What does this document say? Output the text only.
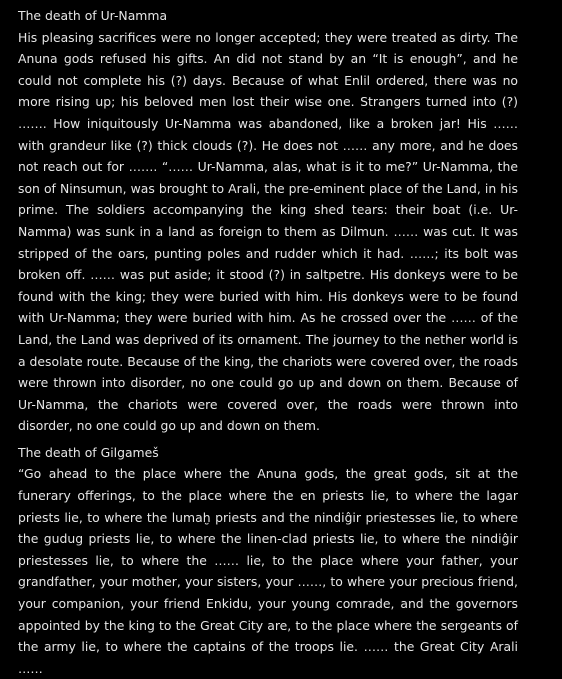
The death of Ur-Namma

His pleasing sacrifices were no longer accepted; they were treated as dirty. The Anuna gods refused his gifts. An did not stand by an “It is enough”, and he could not complete his (?) days. Because of what Enlil ordered, there was no more rising up; his beloved men lost their wise one. Strangers turned into (?) ……. How iniquitously Ur-Namma was abandoned, like a broken jar! His …… with grandeur like (?) thick clouds (?). He does not …… any more, and he does not reach out for ……. “…… Ur-Namma, alas, what is it to me?” Ur-Namma, the son of Ninsumun, was brought to Arali, the pre-eminent place of the Land, in his prime. The soldiers accompanying the king shed tears: their boat (i.e. Ur-Namma) was sunk in a land as foreign to them as Dilmun. …… was cut. It was stripped of the oars, punting poles and rudder which it had. ……; its bolt was broken off. …… was put aside; it stood (?) in saltpetre. His donkeys were to be found with the king; they were buried with him. His donkeys were to be found with Ur-Namma; they were buried with him. As he crossed over the …… of the Land, the Land was deprived of its ornament. The journey to the nether world is a desolate route. Because of the king, the chariots were covered over, the roads were thrown into disorder, no one could go up and down on them. Because of Ur-Namma, the chariots were covered over, the roads were thrown into disorder, no one could go up and down on them.

The death of Gilgameš

“Go ahead to the place where the Anuna gods, the great gods, sit at the funerary offerings, to the place where the en priests lie, to where the lagar priests lie, to where the lumaḫ priests and the nindiĝir priestesses lie, to where the gudug priests lie, to where the linen-clad priests lie, to where the nindiĝir priestesses lie, to where the …… lie, to the place where your father, your grandfather, your mother, your sisters, your ……, to where your precious friend, your companion, your friend Enkidu, your young comrade, and the governors appointed by the king to the Great City are, to the place where the sergeants of the army lie, to where the captains of the troops lie. …… the Great City Arali ……
